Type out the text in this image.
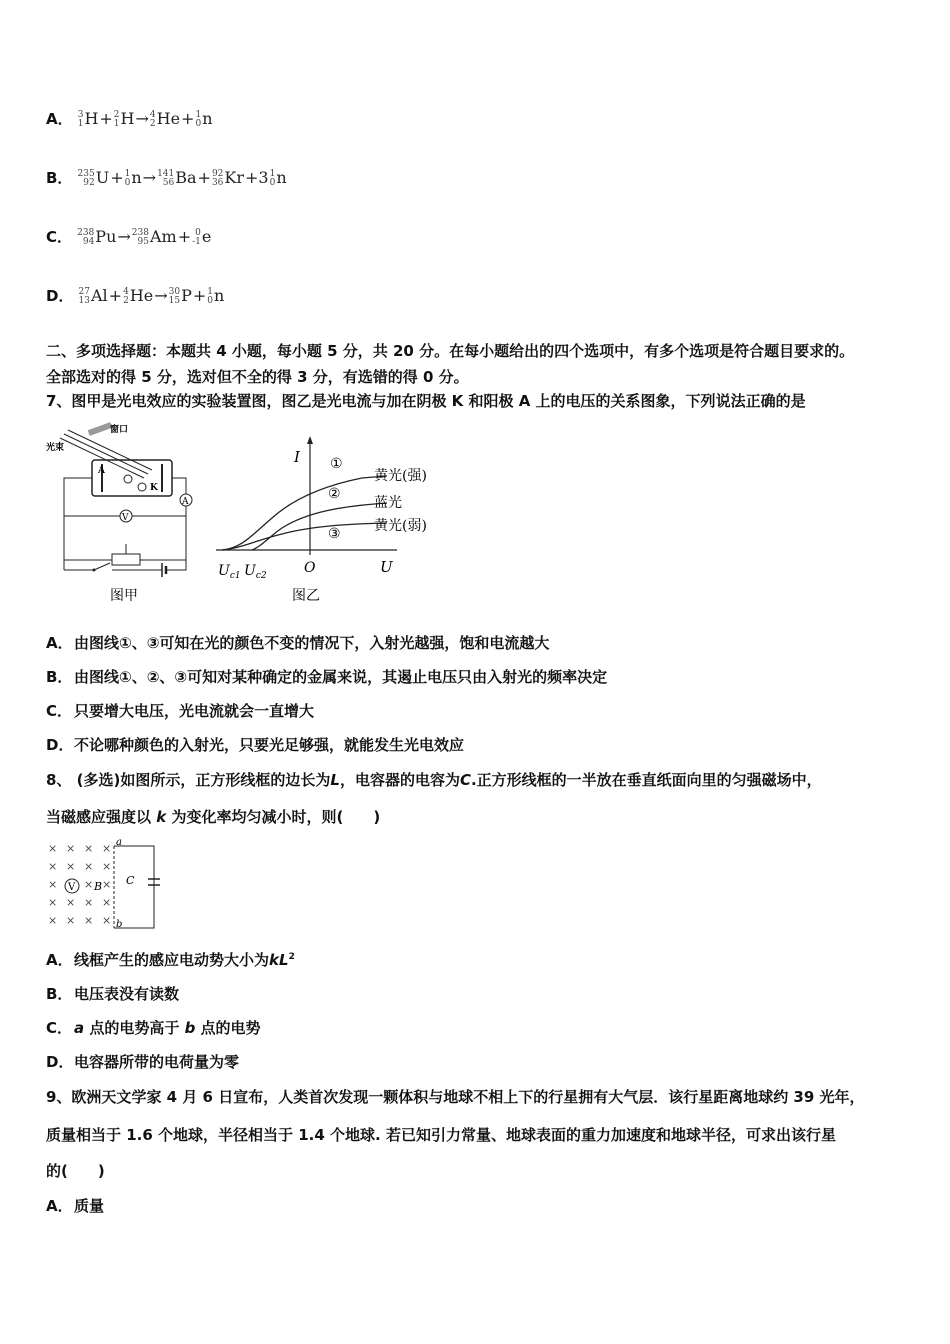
A． 3
1 H+ 2
1 H→ 4
2 He+ 1
0 n
B． 235
92 U+ 1
0 n→ 141
56 Ba+ 92
36 Kr+3 1
0 n
C． 238
94 Pu→ 238
95 Am+ 0
-1 e
D． 27
13 Al+ 4
2 He→ 30
15 P+ 1
0 n
二、多项选择题：本题共 4 小题，每小题 5 分，共 20 分。在每小题给出的四个选项中，有多个选项是符合题目要求的。
全部选对的得 5 分，选对但不全的得 3 分，有选错的得 0 分。
7、图甲是光电效应的实验装置图，图乙是光电流与加在阴极 K 和阳极 A 上的电压的关系图象，下列说法正确的是
光束
窗口
A
K
A
V
图甲
I
U
O
①
②
③
黄光(强)
蓝光
黄光(弱)
$U_{c1}$ $U_{c2}$
图乙
A．由图线①、③可知在光的颜色不变的情况下，入射光越强，饱和电流越大
B． 由图线①、②、③可知对某种确定的金属来说，其遏止电压只由入射光的频率决定
C． 只要增大电压，光电流就会一直增大
D．不论哪种颜色的入射光，只要光足够强，就能发生光电效应
8、 (多选)如图所示，正方形线框的边长为L，电容器的电容为C.正方形线框的一半放在垂直纸面向里的匀强磁场中，
当磁感应强度以 k 为变化率均匀减小时，则(　　)
× × × ×
× × × ×
× × ×
× × × ×
× × × ×
V
C
B
a
b
A．线框产生的感应电动势大小为$kL^2$
B． 电压表没有读数
C． a 点的电势高于 b 点的电势
D．电容器所带的电荷量为零
9、欧洲天文学家 4 月 6 日宣布，人类首次发现一颗体积与地球不相上下的行星拥有大气层．该行星距离地球约 39 光年，
质量相当于 1.6 个地球，半径相当于 1.4 个地球. 若已知引力常量、地球表面的重力加速度和地球半径，可求出该行星
的(　　)
A．质量
